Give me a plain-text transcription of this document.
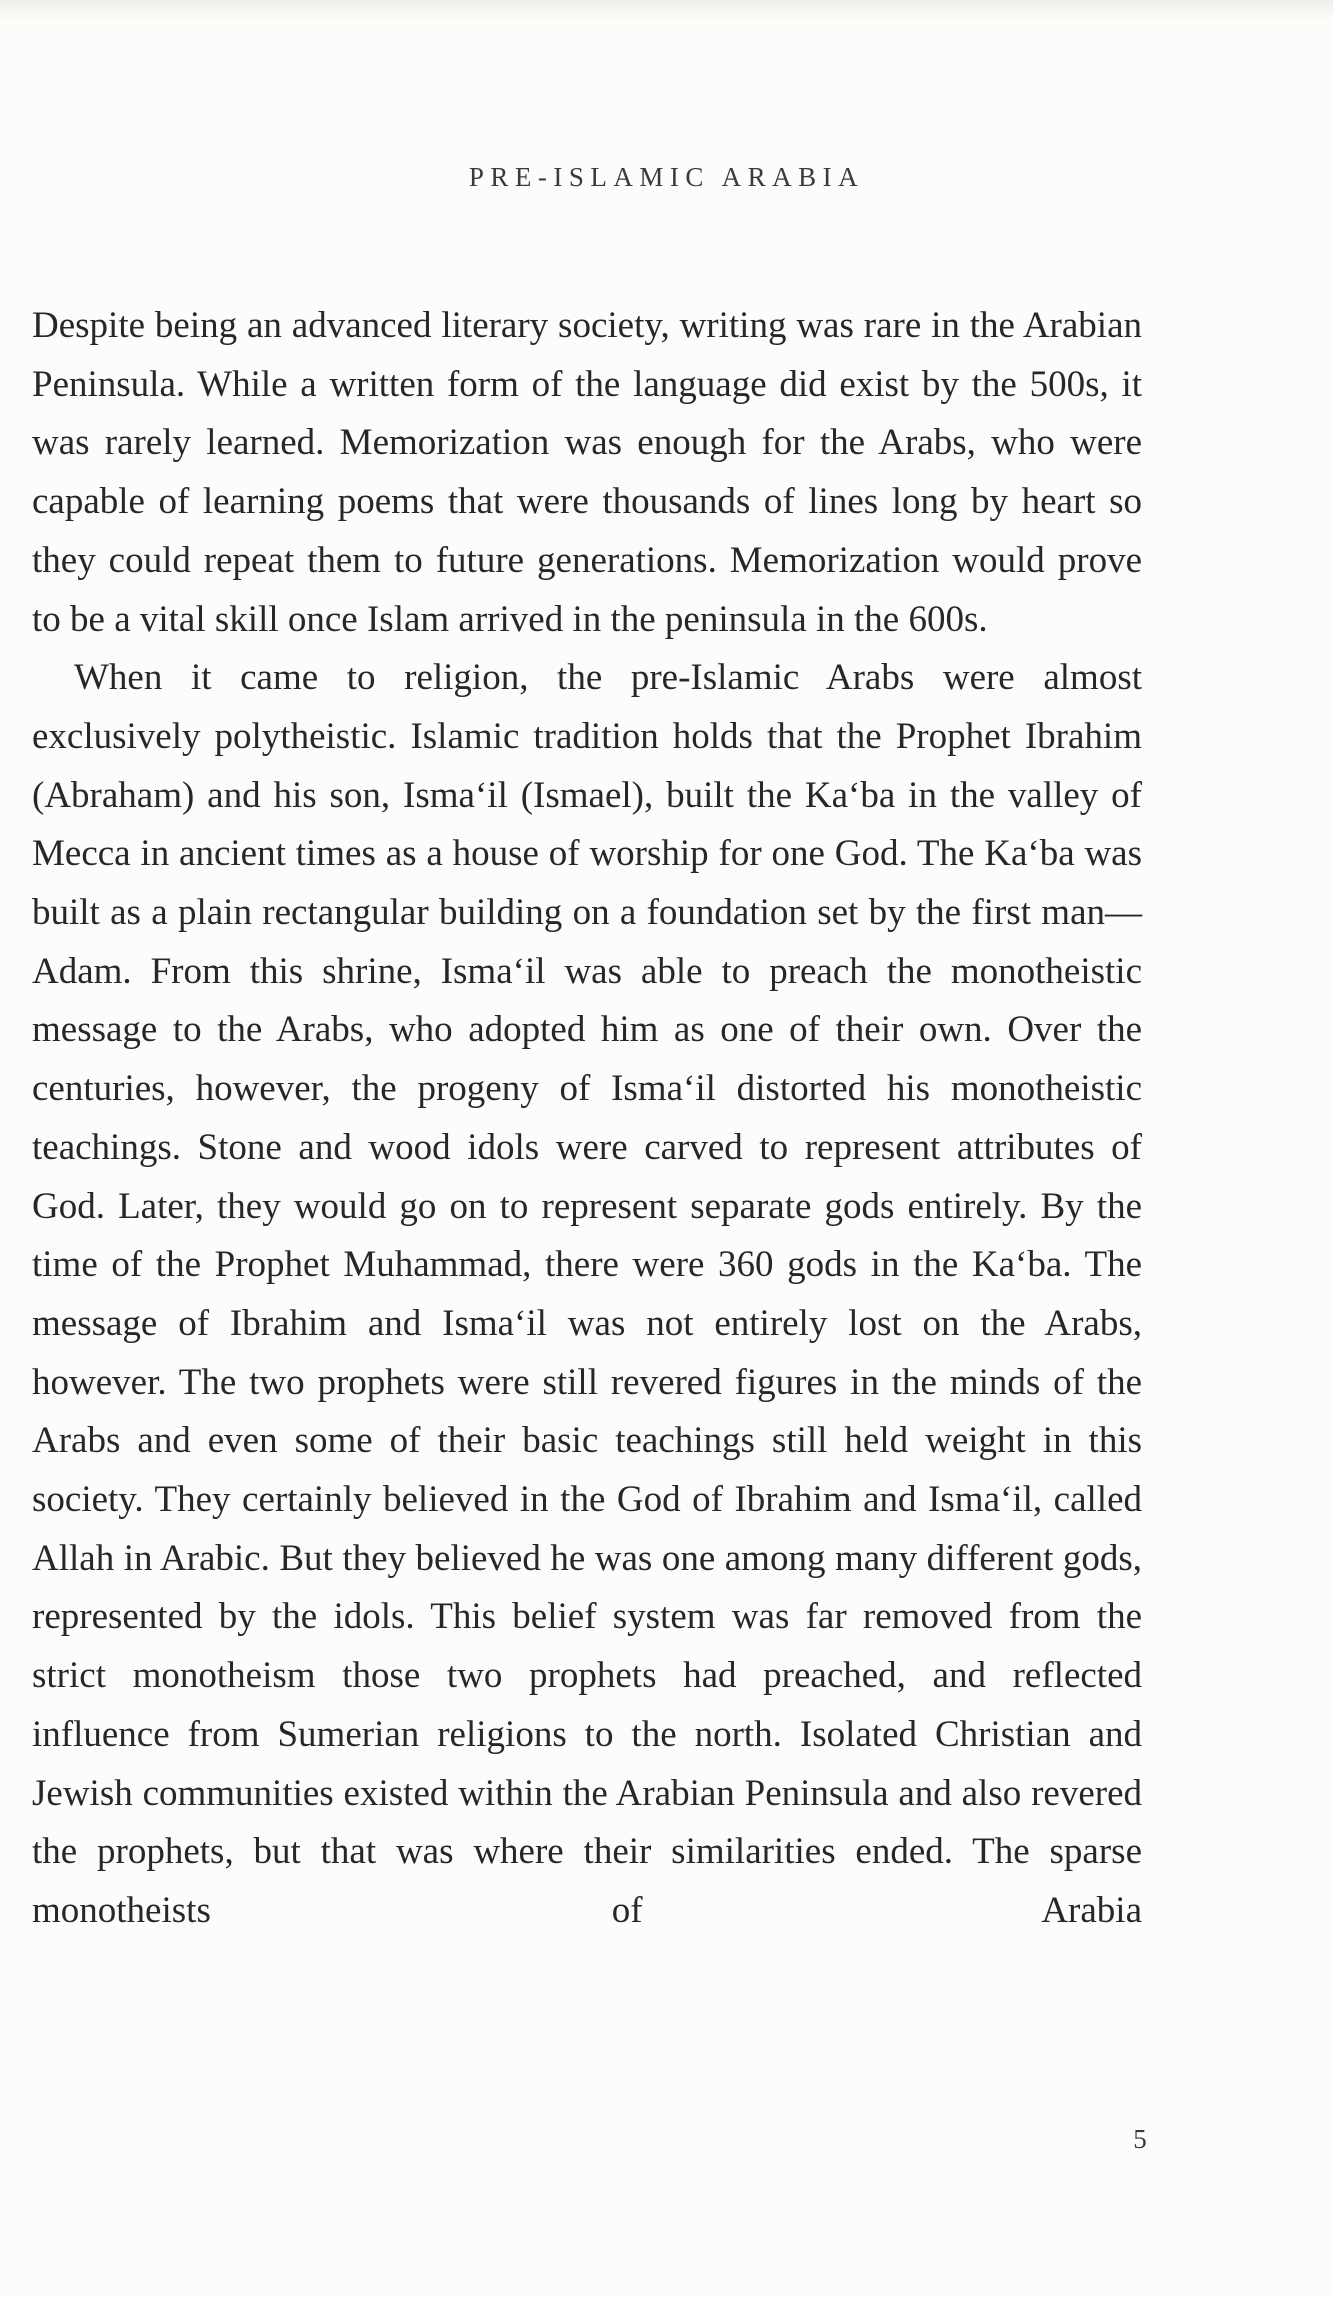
PRE-ISLAMIC ARABIA

Despite being an advanced literary society, writing was rare in the Arabian Peninsula. While a written form of the language did exist by the 500s, it was rarely learned. Memorization was enough for the Arabs, who were capable of learning poems that were thousands of lines long by heart so they could repeat them to future generations. Memorization would prove to be a vital skill once Islam arrived in the peninsula in the 600s.

When it came to religion, the pre-Islamic Arabs were almost exclusively polytheistic. Islamic tradition holds that the Prophet Ibrahim (Abraham) and his son, Isma‘il (Ismael), built the Ka‘ba in the valley of Mecca in ancient times as a house of worship for one God. The Ka‘ba was built as a plain rectangular building on a foundation set by the first man—Adam. From this shrine, Isma‘il was able to preach the monotheistic message to the Arabs, who adopted him as one of their own. Over the centuries, however, the progeny of Isma‘il distorted his monotheistic teachings. Stone and wood idols were carved to represent attributes of God. Later, they would go on to represent separate gods entirely. By the time of the Prophet Muhammad, there were 360 gods in the Ka‘ba. The message of Ibrahim and Isma‘il was not entirely lost on the Arabs, however. The two prophets were still revered figures in the minds of the Arabs and even some of their basic teachings still held weight in this society. They certainly believed in the God of Ibrahim and Isma‘il, called Allah in Arabic. But they believed he was one among many different gods, represented by the idols. This belief system was far removed from the strict monotheism those two prophets had preached, and reflected influence from Sumerian religions to the north. Isolated Christian and Jewish communities existed within the Arabian Peninsula and also revered the prophets, but that was where their similarities ended. The sparse monotheists of Arabia

5
